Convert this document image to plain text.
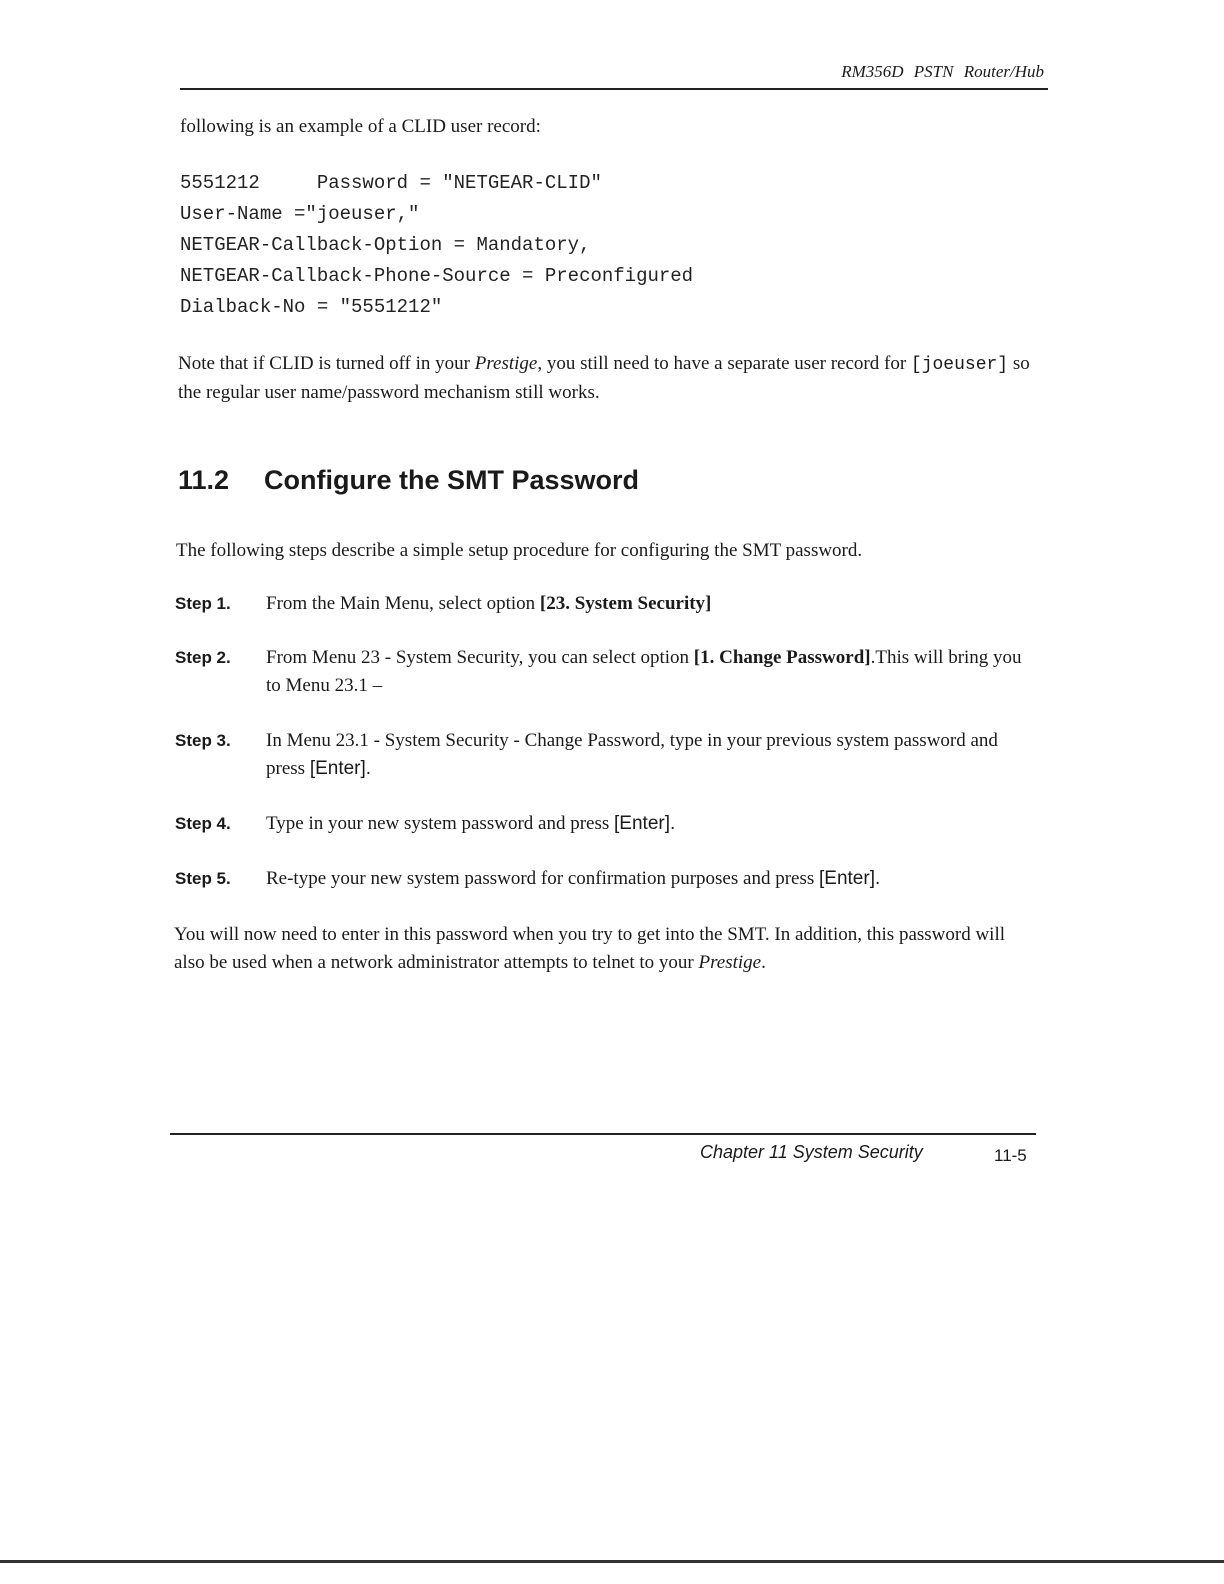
RM356D PSTN Router/Hub
following is an example of a CLID user record:
5551212     Password = "NETGEAR-CLID"
User-Name ="joeuser,"
NETGEAR-Callback-Option = Mandatory,
NETGEAR-Callback-Phone-Source = Preconfigured
Dialback-No = "5551212"
Note that if CLID is turned off in your Prestige, you still need to have a separate user record for [joeuser] so the regular user name/password mechanism still works.
11.2 Configure the SMT Password
The following steps describe a simple setup procedure for configuring the SMT password.
Step 1. From the Main Menu, select option [23. System Security]
Step 2. From Menu 23 - System Security, you can select option [1. Change Password].This will bring you to Menu 23.1 –
Step 3. In Menu 23.1 - System Security - Change Password, type in your previous system password and press [Enter].
Step 4. Type in your new system password and press [Enter].
Step 5. Re-type your new system password for confirmation purposes and press [Enter].
You will now need to enter in this password when you try to get into the SMT. In addition, this password will also be used when a network administrator attempts to telnet to your Prestige.
Chapter 11 System Security	11-5
